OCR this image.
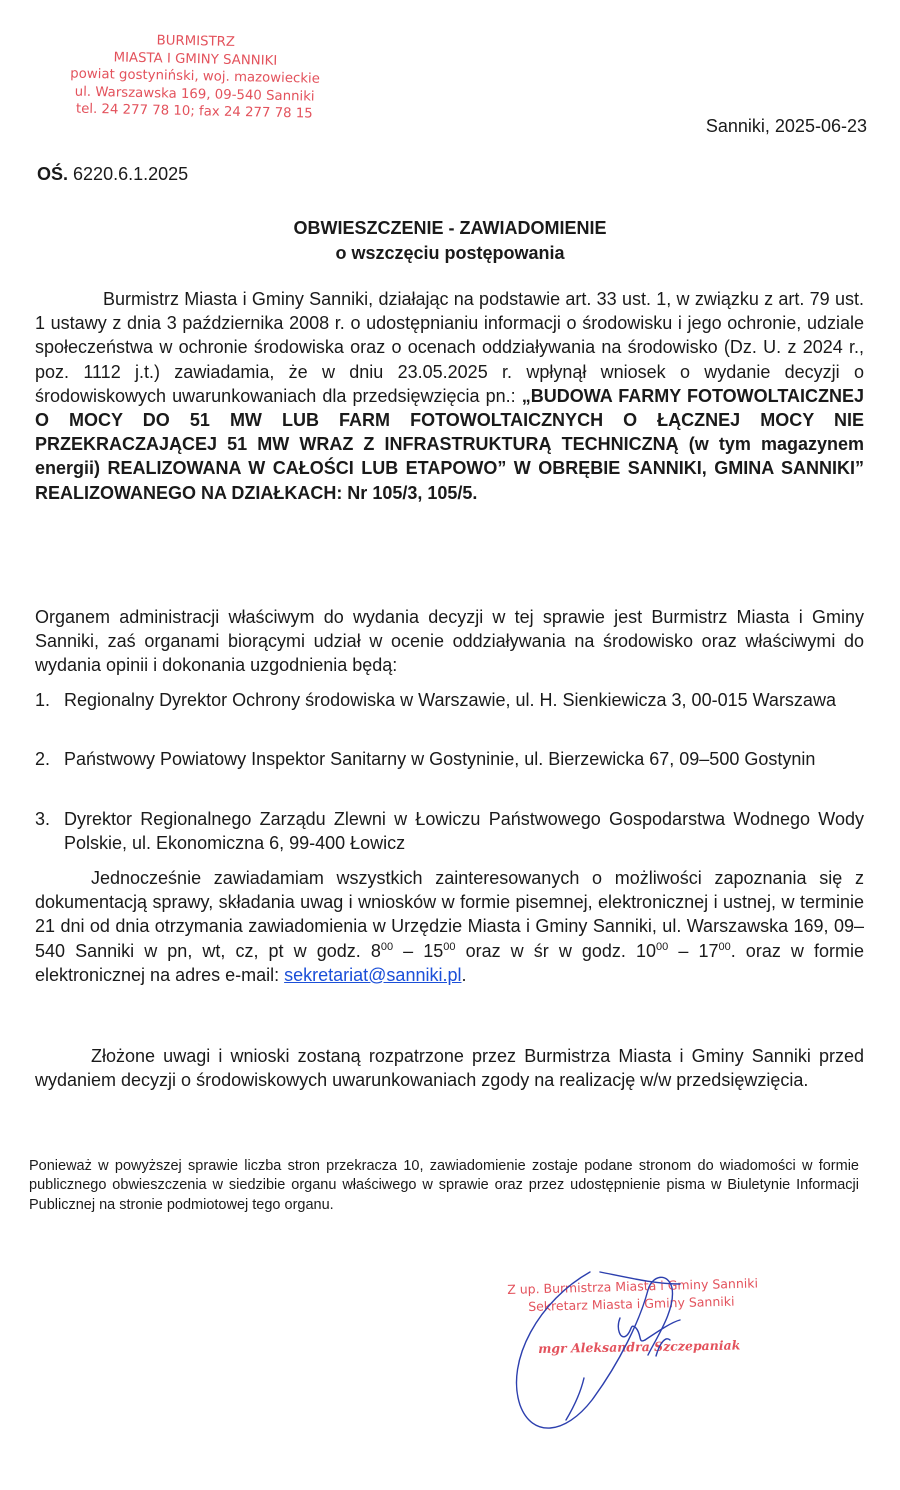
BURMISTRZ
MIASTA I GMINY SANNIKI
powiat gostyniński, woj. mazowieckie
ul. Warszawska 169, 09-540 Sanniki
tel. 24 277 78 10; fax 24 277 78 15
Sanniki, 2025-06-23
OŚ. 6220.6.1.2025
OBWIESZCZENIE - ZAWIADOMIENIE
o wszczęciu postępowania
Burmistrz Miasta i Gminy Sanniki, działając na podstawie art. 33 ust. 1, w związku z art. 79 ust. 1 ustawy z dnia 3 października 2008 r. o udostępnianiu informacji o środowisku i jego ochronie, udziale społeczeństwa w ochronie środowiska oraz o ocenach oddziaływania na środowisko (Dz. U. z 2024 r., poz. 1112 j.t.) zawiadamia, że w dniu 23.05.2025 r. wpłynął wniosek o wydanie decyzji o środowiskowych uwarunkowaniach dla przedsięwzięcia pn.: „BUDOWA FARMY FOTOWOLTAICZNEJ O MOCY DO 51 MW LUB FARM FOTOWOLTAICZNYCH O ŁĄCZNEJ MOCY NIE PRZEKRACZAJĄCEJ 51 MW WRAZ Z INFRASTRUKTURĄ TECHNICZNĄ (w tym magazynem energii) REALIZOWANA W CAŁOŚCI LUB ETAPOWO” W OBRĘBIE SANNIKI, GMINA SANNIKI” REALIZOWANEGO NA DZIAŁKACH: Nr 105/3, 105/5.
Organem administracji właściwym do wydania decyzji w tej sprawie jest Burmistrz Miasta i Gminy Sanniki, zaś organami biorącymi udział w ocenie oddziaływania na środowisko oraz właściwymi do wydania opinii i dokonania uzgodnienia będą:
1. Regionalny Dyrektor Ochrony środowiska w Warszawie, ul. H. Sienkiewicza 3, 00-015 Warszawa
2. Państwowy Powiatowy Inspektor Sanitarny w Gostyninie, ul. Bierzewicka 67, 09–500 Gostynin
3. Dyrektor Regionalnego Zarządu Zlewni w Łowiczu Państwowego Gospodarstwa Wodnego Wody Polskie, ul. Ekonomiczna 6, 99-400 Łowicz
Jednocześnie zawiadamiam wszystkich zainteresowanych o możliwości zapoznania się z dokumentacją sprawy, składania uwag i wniosków w formie pisemnej, elektronicznej i ustnej, w terminie 21 dni od dnia otrzymania zawiadomienia w Urzędzie Miasta i Gminy Sanniki, ul. Warszawska 169, 09–540 Sanniki w pn, wt, cz, pt w godz. $8^{00} - 15^{00}$ oraz w śr w godz. $10^{00} - 17^{00}$. oraz w formie elektronicznej na adres e-mail: sekretariat@sanniki.pl.
Złożone uwagi i wnioski zostaną rozpatrzone przez Burmistrza Miasta i Gminy Sanniki przed wydaniem decyzji o środowiskowych uwarunkowaniach zgody na realizację w/w przedsięwzięcia.
Ponieważ w powyższej sprawie liczba stron przekracza 10, zawiadomienie zostaje podane stronom do wiadomości w formie publicznego obwieszczenia w siedzibie organu właściwego w sprawie oraz przez udostępnienie pisma w Biuletynie Informacji Publicznej na stronie podmiotowej tego organu.
Z up. Burmistrza Miasta i Gminy Sanniki
Sekretarz Miasta i Gminy Sanniki
mgr Aleksandra Szczepaniak
